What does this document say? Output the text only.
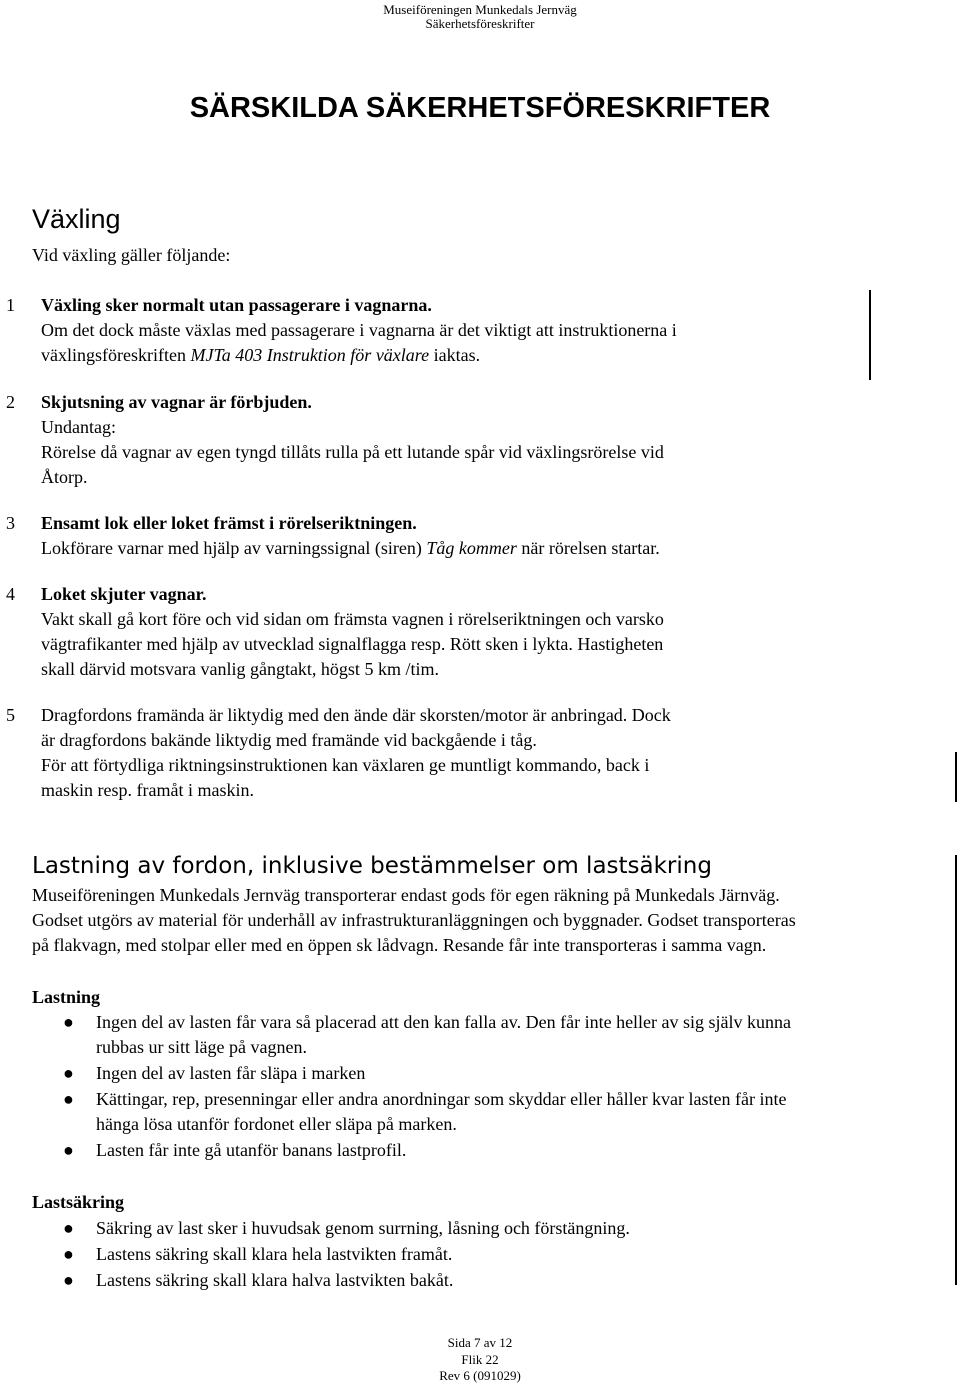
Museiföreningen Munkedals Jernväg
Säkerhetsföreskrifter
SÄRSKILDA SÄKERHETSFÖRESKRIFTER
Växling
Vid växling gäller följande:
1 Växling sker normalt utan passagerare i vagnarna.
Om det dock måste växlas med passagerare i vagnarna är det viktigt att instruktionerna i
växlingsföreskriften MJTa 403 Instruktion för växlare iaktas.
2 Skjutsning av vagnar är förbjuden.
Undantag:
Rörelse då vagnar av egen tyngd tillåts rulla på ett lutande spår vid växlingsrörelse vid
Åtorp.
3 Ensamt lok eller loket främst i rörelseriktningen.
Lokförare varnar med hjälp av varningssignal (siren) Tåg kommer när rörelsen startar.
4 Loket skjuter vagnar.
Vakt skall gå kort före och vid sidan om främsta vagnen i rörelseriktningen och varsko
vägtrafikanter med hjälp av utvecklad signalflagga resp. Rött sken i lykta. Hastigheten
skall därvid motsvara vanlig gångtakt, högst 5 km /tim.
5 Dragfordons framända är liktydig med den ände där skorsten/motor är anbringad. Dock
är dragfordons bakände liktydig med framände vid backgående i tåg.
För att förtydliga riktningsinstruktionen kan växlaren ge muntligt kommando, back i
maskin resp. framåt i maskin.
Lastning av fordon, inklusive bestämmelser om lastsäkring
Museiföreningen Munkedals Jernväg transporterar endast gods för egen räkning på Munkedals Järnväg.
Godset utgörs av material för underhåll av infrastrukturanläggningen och byggnader. Godset transporteras
på flakvagn, med stolpar eller med en öppen sk lådvagn. Resande får inte transporteras i samma vagn.
Lastning
● Ingen del av lasten får vara så placerad att den kan falla av. Den får inte heller av sig själv kunna
rubbas ur sitt läge på vagnen.
● Ingen del av lasten får släpa i marken
● Kättingar, rep, presenningar eller andra anordningar som skyddar eller håller kvar lasten får inte
hänga lösa utanför fordonet eller släpa på marken.
● Lasten får inte gå utanför banans lastprofil.
Lastsäkring
● Säkring av last sker i huvudsak genom surrning, låsning och förstängning.
● Lastens säkring skall klara hela lastvikten framåt.
● Lastens säkring skall klara halva lastvikten bakåt.
Sida 7 av 12
Flik 22
Rev 6 (091029)
